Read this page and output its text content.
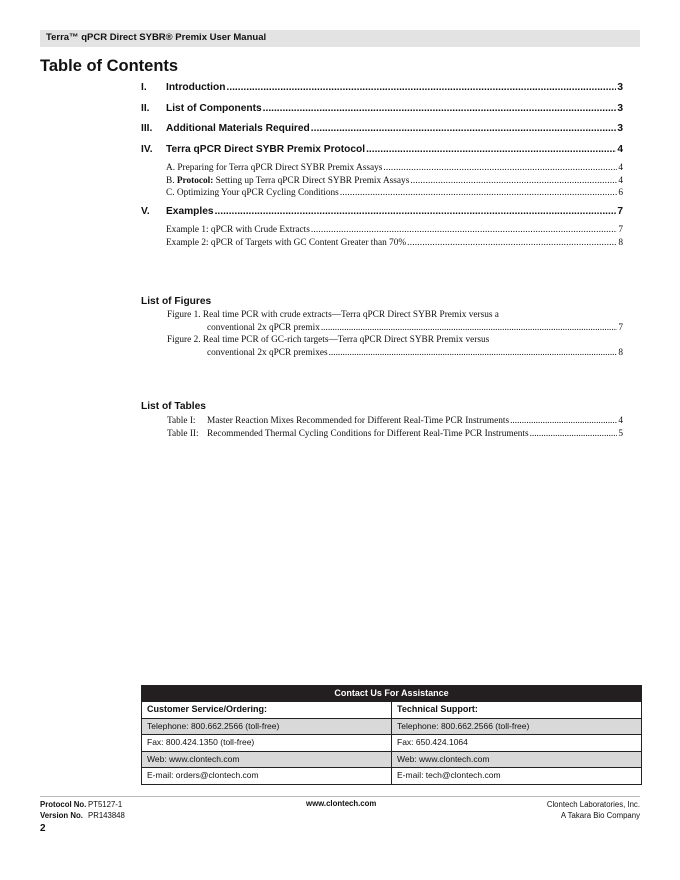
Terra™ qPCR Direct SYBR® Premix User Manual
Table of Contents
I.	Introduction .....	3
II.	List of Components .....	3
III.	Additional Materials Required .....	3
IV.	Terra qPCR Direct SYBR Premix Protocol .....	4
A. Preparing for Terra qPCR Direct SYBR Premix Assays .....	4
B. Protocol: Setting up Terra qPCR Direct SYBR Premix Assays .....	4
C. Optimizing Your qPCR Cycling Conditions .....	6
V.	Examples .....	7
Example 1: qPCR with Crude Extracts .....	7
Example 2: qPCR of Targets with GC Content Greater than 70% .....	8
List of Figures
Figure 1. Real time PCR with crude extracts—Terra qPCR Direct SYBR Premix versus a
conventional 2x qPCR premix .....	7
Figure 2. Real time PCR of GC-rich targets—Terra qPCR Direct SYBR Premix versus
conventional 2x qPCR premixes .....	8
List of Tables
Table I:	Master Reaction Mixes Recommended for Different Real-Time PCR Instruments .....	4
Table II: Recommended Thermal Cycling Conditions for Different Real-Time PCR Instruments .....	5
Contact Us For Assistance
Customer Service/Ordering:	Technical Support:
Telephone: 800.662.2566 (toll-free)	Telephone: 800.662.2566 (toll-free)
Fax: 800.424.1350 (toll-free)	Fax: 650.424.1064
Web: www.clontech.com	Web: www.clontech.com
E-mail: orders@clontech.com	E-mail: tech@clontech.com
Protocol No. PT5127-1
Version No. PR143848
www.clontech.com	Clontech Laboratories, Inc.
A Takara Bio Company
2
